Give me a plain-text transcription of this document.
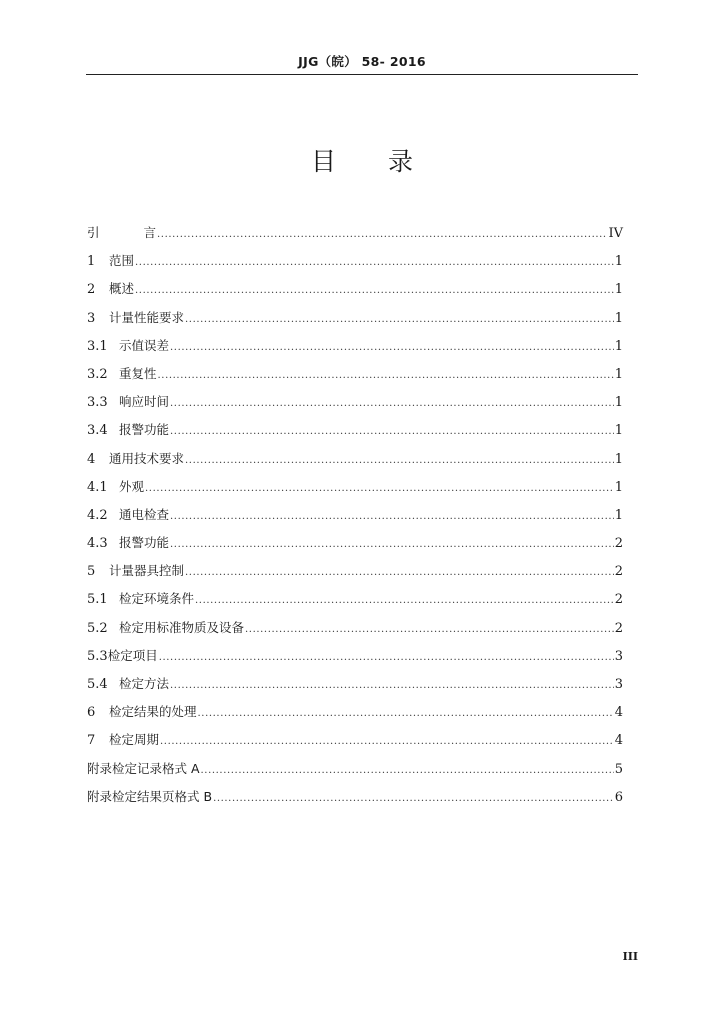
JJG（皖） 58- 2016
目录
引	言 .....	IV
1 范围 .....	1
2 概述 .....	1
3 计量性能要求 .....	1
3.1 示值误差 .....	1
3.2 重复性 .....	1
3.3 响应时间 .....	1
3.4 报警功能 .....	1
4 通用技术要求 .....	1
4.1 外观 .....	1
4.2 通电检查 .....	1
4.3 报警功能 .....	2
5 计量器具控制 .....	2
5.1 检定环境条件 .....	2
5.2 检定用标准物质及设备 .....	2
5.3检定项目 .....	3
5.4 检定方法 .....	3
6 检定结果的处理 .....	4
7 检定周期 .....	4
附录检定记录格式 A .....	5
附录检定结果页格式 B .....	6
III
